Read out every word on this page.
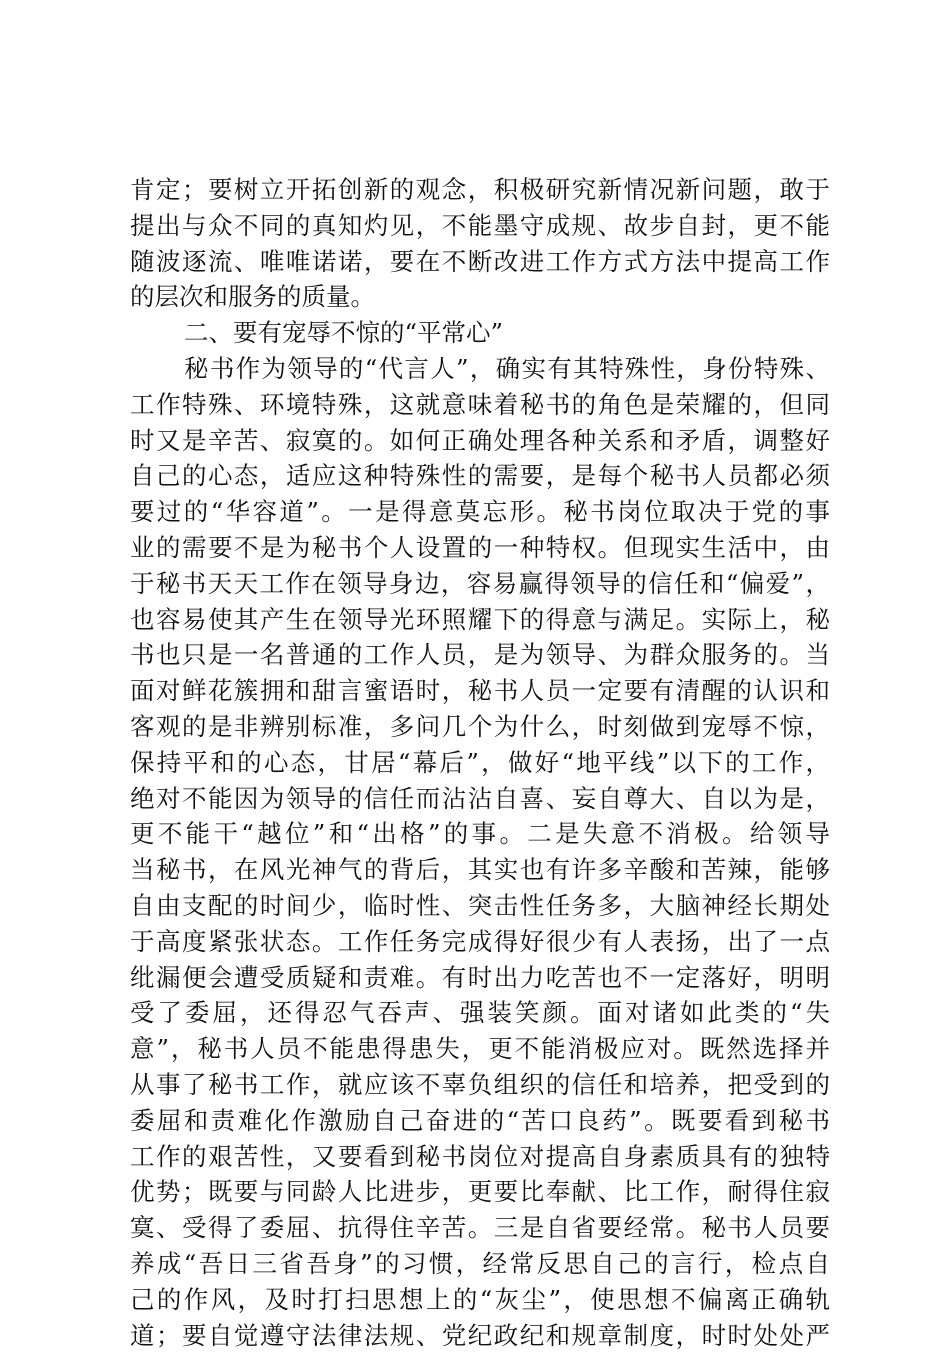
肯定；要树立开拓创新的观念，积极研究新情况新问题，敢于
提出与众不同的真知灼见，不能墨守成规、故步自封，更不能
随波逐流、唯唯诺诺，要在不断改进工作方式方法中提高工作
的层次和服务的质量。
二、要有宠辱不惊的“平常心”
秘书作为领导的“代言人”，确实有其特殊性，身份特殊、
工作特殊、环境特殊，这就意味着秘书的角色是荣耀的，但同
时又是辛苦、寂寞的。如何正确处理各种关系和矛盾，调整好
自己的心态，适应这种特殊性的需要，是每个秘书人员都必须
要过的“华容道”。一是得意莫忘形。秘书岗位取决于党的事
业的需要不是为秘书个人设置的一种特权。但现实生活中，由
于秘书天天工作在领导身边，容易赢得领导的信任和“偏爱”，
也容易使其产生在领导光环照耀下的得意与满足。实际上，秘
书也只是一名普通的工作人员，是为领导、为群众服务的。当
面对鲜花簇拥和甜言蜜语时，秘书人员一定要有清醒的认识和
客观的是非辨别标准，多问几个为什么，时刻做到宠辱不惊，
保持平和的心态，甘居“幕后”，做好“地平线”以下的工作，
绝对不能因为领导的信任而沾沾自喜、妄自尊大、自以为是，
更不能干“越位”和“出格”的事。二是失意不消极。给领导
当秘书，在风光神气的背后，其实也有许多辛酸和苦辣，能够
自由支配的时间少，临时性、突击性任务多，大脑神经长期处
于高度紧张状态。工作任务完成得好很少有人表扬，出了一点
纰漏便会遭受质疑和责难。有时出力吃苦也不一定落好，明明
受了委屈，还得忍气吞声、强装笑颜。面对诸如此类的“失
意”，秘书人员不能患得患失，更不能消极应对。既然选择并
从事了秘书工作，就应该不辜负组织的信任和培养，把受到的
委屈和责难化作激励自己奋进的“苦口良药”。既要看到秘书
工作的艰苦性，又要看到秘书岗位对提高自身素质具有的独特
优势；既要与同龄人比进步，更要比奉献、比工作，耐得住寂
寞、受得了委屈、抗得住辛苦。三是自省要经常。秘书人员要
养成“吾日三省吾身”的习惯，经常反思自己的言行，检点自
己的作风，及时打扫思想上的“灰尘”，使思想不偏离正确轨
道；要自觉遵守法律法规、党纪政纪和规章制度，时时处处严
